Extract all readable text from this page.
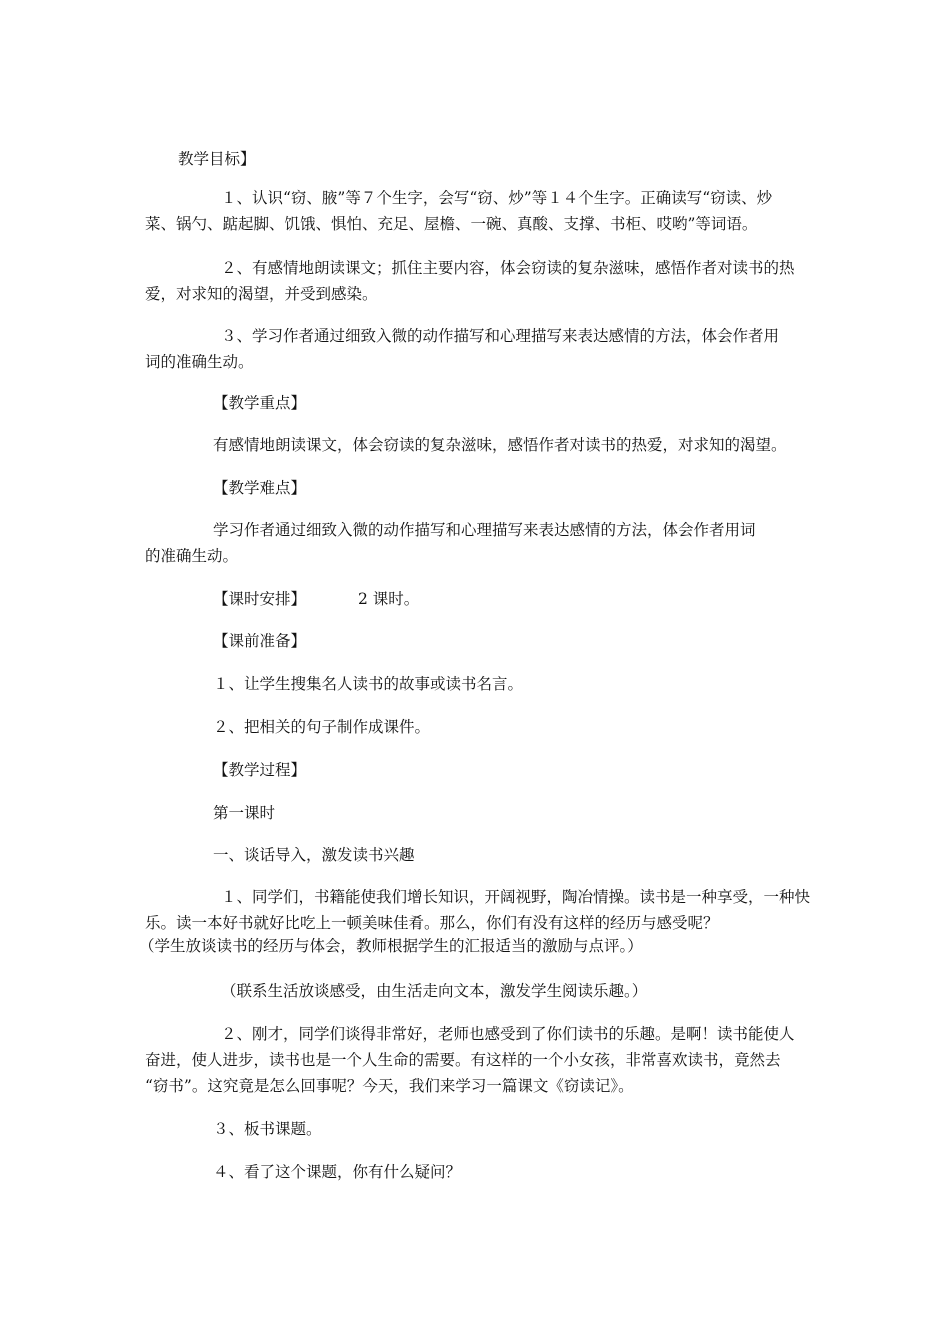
教学目标】

１、认识“窃、腋”等７个生字，会写“窃、炒”等１４个生字。正确读写“窃读、炒
菜、锅勺、踮起脚、饥饿、惧怕、充足、屋檐、一碗、真酸、支撑、书柜、哎哟”等词语。
２、有感情地朗读课文；抓住主要内容，体会窃读的复杂滋味，感悟作者对读书的热
爱，对求知的渴望，并受到感染。
３、学习作者通过细致入微的动作描写和心理描写来表达感情的方法，体会作者用
词的准确生动。

【教学重点】

有感情地朗读课文，体会窃读的复杂滋味，感悟作者对读书的热爱，对求知的渴望。

【教学难点】

学习作者通过细致入微的动作描写和心理描写来表达感情的方法，体会作者用词
的准确生动。

【课时安排】	2 课时。

【课前准备】

１、让学生搜集名人读书的故事或读书名言。

２、把相关的句子制作成课件。

【教学过程】

第一课时

一、谈话导入，激发读书兴趣

１、同学们，书籍能使我们增长知识，开阔视野，陶冶情操。读书是一种享受，一种快
乐。读一本好书就好比吃上一顿美味佳肴。那么，你们有没有这样的经历与感受呢？
（学生放谈读书的经历与体会，教师根据学生的汇报适当的激励与点评。）

（联系生活放谈感受，由生活走向文本，激发学生阅读乐趣。）

２、刚才，同学们谈得非常好，老师也感受到了你们读书的乐趣。是啊！读书能使人
奋进，使人进步，读书也是一个人生命的需要。有这样的一个小女孩，非常喜欢读书，竟然去
“窃书”。这究竟是怎么回事呢？今天，我们来学习一篇课文《窃读记》。

３、板书课题。

４、看了这个课题，你有什么疑问？
